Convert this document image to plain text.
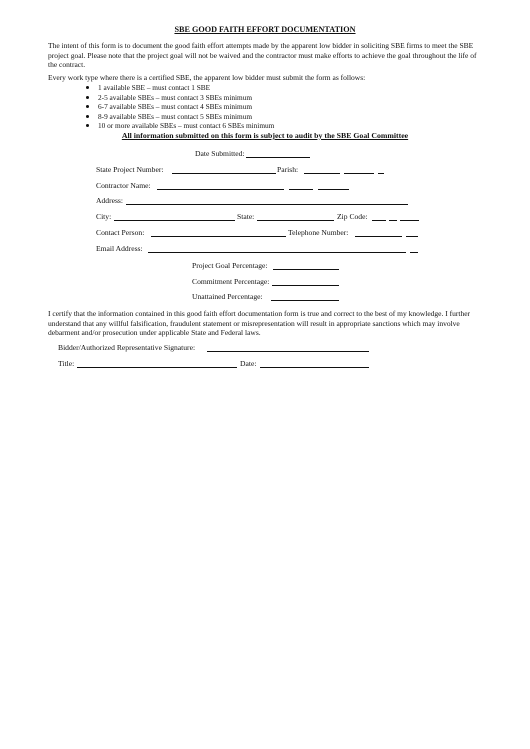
SBE GOOD FAITH EFFORT DOCUMENTATION
The intent of this form is to document the good faith effort attempts made by the apparent low bidder in soliciting SBE firms to meet the SBE project goal. Please note that the project goal will not be waived and the contractor must make efforts to achieve the goal throughout the life of the contract.
Every work type where there is a certified SBE, the apparent low bidder must submit the form as follows:
1 available SBE – must contact 1 SBE
2-5 available SBEs – must contact 3 SBEs minimum
6-7 available SBEs – must contact 4 SBEs minimum
8-9 available SBEs – must contact 5 SBEs minimum
10 or more available SBEs – must contact 6 SBEs minimum
All information submitted on this form is subject to audit by the SBE Goal Committee
Date Submitted:
State Project Number:	Parish:
Contractor Name:
Address:
City:	State:	Zip Code:
Contact Person:	Telephone Number:
Email Address:
Project Goal Percentage:
Commitment Percentage:
Unattained Percentage:
I certify that the information contained in this good faith effort documentation form is true and correct to the best of my knowledge. I further understand that any willful falsification, fraudulent statement or misrepresentation will result in appropriate sanctions which may involve debarment and/or prosecution under applicable State and Federal laws.
Bidder/Authorized Representative Signature:
Title:	Date:
